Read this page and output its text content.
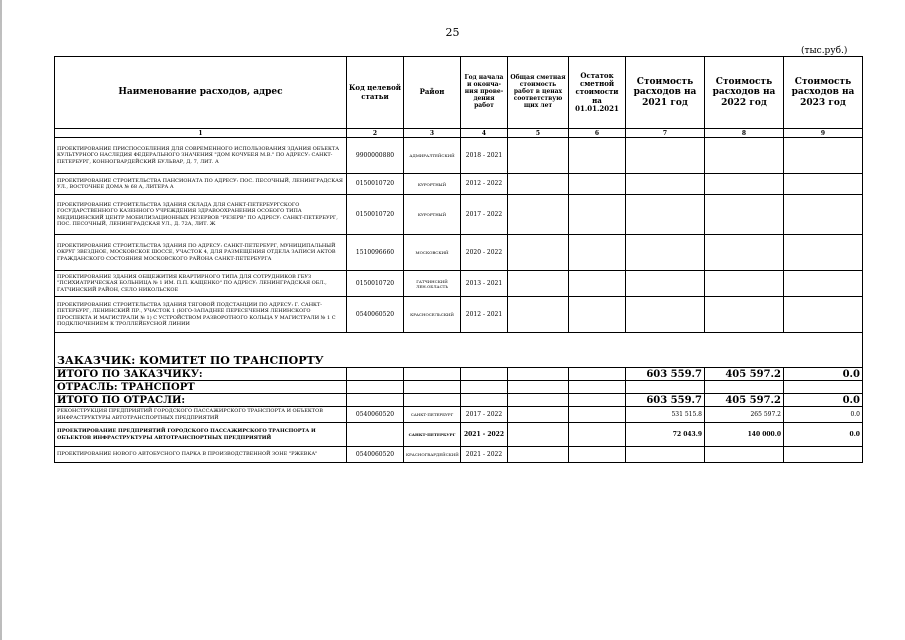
25
(тыс.руб.)
Наименование расходов, адрес	Код целевой статьи	Район	Год начала и оконча-ния прове-дения работ	Общая сметная стоимость работ в ценах соответствую щих лет	Остаток сметной стоимости на 01.01.2021	Стоимость расходов на 2021 год	Стоимость расходов на 2022 год	Стоимость расходов на 2023 год
1	2	3	4	5	6	7	8	9
ПРОЕКТИРОВАНИЕ ПРИСПОСОБЛЕНИЯ ДЛЯ СОВРЕМЕННОГО ИСПОЛЬЗОВАНИЯ ЗДАНИЯ ОБЪЕКТА КУЛЬТУРНОГО НАСЛЕДИЯ ФЕДЕРАЛЬНОГО ЗНАЧЕНИЯ "ДОМ КОЧУБЕЯ М.В." ПО АДРЕСУ: САНКТ-ПЕТЕРБУРГ, КОННОГВАРДЕЙСКИЙ БУЛЬВАР, Д. 7, ЛИТ. А	9900000880	АДМИРАЛТЕЙСКИЙ	2018 - 2021					
ПРОЕКТИРОВАНИЕ СТРОИТЕЛЬСТВА ПАНСИОНАТА ПО АДРЕСУ: ПОС. ПЕСОЧНЫЙ, ЛЕНИНГРАДСКАЯ УЛ., ВОСТОЧНЕЕ ДОМА № 68 А, ЛИТЕРА А	0150010720	КУРОРТНЫЙ	2012 - 2022					
ПРОЕКТИРОВАНИЕ СТРОИТЕЛЬСТВА ЗДАНИЯ СКЛАДА ДЛЯ САНКТ-ПЕТЕРБУРГСКОГО ГОСУДАРСТВЕННОГО КАЗЕННОГО УЧРЕЖДЕНИЯ ЗДРАВООХРАНЕНИЯ ОСОБОГО ТИПА МЕДИЦИНСКИЙ ЦЕНТР МОБИЛИЗАЦИОННЫХ РЕЗЕРВОВ "РЕЗЕРВ" ПО АДРЕСУ: САНКТ-ПЕТЕРБУРГ, ПОС. ПЕСОЧНЫЙ, ЛЕНИНГРАДСКАЯ УЛ., Д. 72А, ЛИТ. Ж	0150010720	КУРОРТНЫЙ	2017 - 2022					
ПРОЕКТИРОВАНИЕ СТРОИТЕЛЬСТВА ЗДАНИЯ ПО АДРЕСУ: САНКТ-ПЕТЕРБУРГ, МУНИЦИПАЛЬНЫЙ ОКРУГ ЗВЕЗДНОЕ, МОСКОВСКОЕ ШОССЕ, УЧАСТОК 4, ДЛЯ РАЗМЕЩЕНИЯ ОТДЕЛА ЗАПИСИ АКТОВ ГРАЖДАНСКОГО СОСТОЯНИЯ МОСКОВСКОГО РАЙОНА САНКТ-ПЕТЕРБУРГА	1510096660	МОСКОВСКИЙ	2020 - 2022					
ПРОЕКТИРОВАНИЕ ЗДАНИЯ ОБЩЕЖИТИЯ КВАРТИРНОГО ТИПА ДЛЯ СОТРУДНИКОВ ГБУЗ "ПСИХИАТРИЧЕСКАЯ БОЛЬНИЦА № 1 ИМ. П.П. КАЩЕНКО" ПО АДРЕСУ: ЛЕНИНГРАДСКАЯ ОБЛ., ГАТЧИНСКИЙ РАЙОН, СЕЛО НИКОЛЬСКОЕ	0150010720	ГАТЧИНСКИЙ ЛЕН.ОБЛАСТЬ	2013 - 2021					
ПРОЕКТИРОВАНИЕ СТРОИТЕЛЬСТВА ЗДАНИЯ ТЯГОВОЙ ПОДСТАНЦИИ ПО АДРЕСУ: Г. САНКТ-ПЕТЕРБУРГ, ЛЕНИНСКИЙ ПР., УЧАСТОК 1 (ЮГО-ЗАПАДНЕЕ ПЕРЕСЕЧЕНИЯ ЛЕНИНСКОГО ПРОСПЕКТА И МАГИСТРАЛИ № 1) С УСТРОЙСТВОМ РАЗВОРОТНОГО КОЛЬЦА У МАГИСТРАЛИ № 1 С ПОДКЛЮЧЕНИЕМ К ТРОЛЛЕЙБУСНОЙ ЛИНИИ	0540060520	КРАСНОСЕЛЬСКИЙ	2012 - 2021					
ЗАКАЗЧИК: КОМИТЕТ ПО ТРАНСПОРТУ								
ИТОГО ПО ЗАКАЗЧИКУ:						603 559.7	405 597.2	0.0
ОТРАСЛЬ: ТРАНСПОРТ								
ИТОГО ПО ОТРАСЛИ:						603 559.7	405 597.2	0.0
РЕКОНСТРУКЦИЯ ПРЕДПРИЯТИЙ ГОРОДСКОГО ПАССАЖИРСКОГО ТРАНСПОРТА И ОБЪЕКТОВ ИНФРАСТРУКТУРЫ АВТОТРАНСПОРТНЫХ ПРЕДПРИЯТИЙ	0540060520	САНКТ-ПЕТЕРБУРГ	2017 - 2022			531 515.8	265 597.2	0.0
ПРОЕКТИРОВАНИЕ ПРЕДПРИЯТИЙ ГОРОДСКОГО ПАССАЖИРСКОГО ТРАНСПОРТА И ОБЪЕКТОВ ИНФРАСТРУКТУРЫ АВТОТРАНСПОРТНЫХ ПРЕДПРИЯТИЙ		САНКТ-ПЕТЕРБУРГ	2021 - 2022			72 043.9	140 000.0	0.0
ПРОЕКТИРОВАНИЕ НОВОГО АВТОБУСНОГО ПАРКА В ПРОИЗВОДСТВЕННОЙ ЗОНЕ "РЖЕВКА"	0540060520	КРАСНОГВАРДЕЙСКИЙ	2021 - 2022					
